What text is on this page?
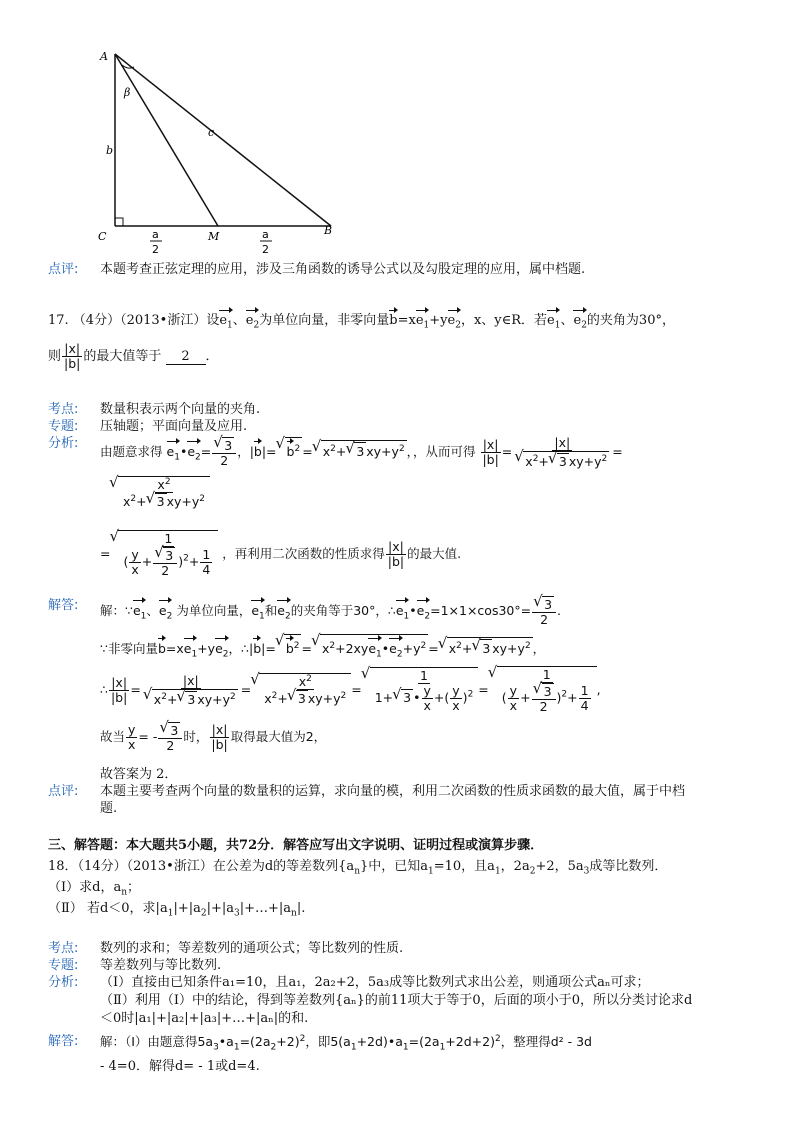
A
β
b
c
C	M	B
a
2
a
2
点评: 本题考查正弦定理的应用，涉及三角函数的诱导公式以及勾股定理的应用，属中档题.
17. （4分）（2013•浙江）设$e_1$、$e_2$为单位向量，非零向量$b=xe_1+ye_2$，x、y∈R．若$e_1$、$e_2$的夹角为30°，
则 $\frac{|x|}{|b|}$ 的最大值等于 2 ．
考点: 数量积表示两个向量的夹角.
专题: 压轴题；平面向量及应用.
分析:
由题意求得 $e_1•e_2=$
√ $\frac{3}{2}$ ，|b|=√ $b^2$ =√ $x^2+√$ 3 $xy+y^2$ ，，从而可得 $\frac{|x|}{|b|} = |x|$
√ $x^2+√$ 3 $xy+y^2$ =
√ $\frac{x^2}{x^2+√ 3 xy+y^2}$
=
√ 1
( $\frac{y}{x}$ +
√ $\frac{3}{2} )^2+ \frac{1}{4}$ ，再利用二次函数的性质求得 $\frac{|x|}{|b|}$ 的最大值.
解答: 解：$\because e_1$、$e_2$ 为单位向量，$e_1$和$e_2$的夹角等于30°，$\therefore e_1•e_2=1\times 1\times\cos 30^\circ=$
√ $\frac{3}{2}$ .
∵非零向量$b=xe_1+ye_2$，∴|b|=√ $b^2$ =√ $x^2+2xye_1•e_2+y^2$ =√ $x^2+√$ 3 $xy+y^2$ ，
∴ $\frac{|x|}{|b|} = |x|$
√ $x^2+√$ 3 $xy+y^2$ =
√ $\frac{x^2}{x^2+√ 3 xy+y^2}$ =
√ $\frac{1}{1+√ 3 • \frac{y}{x} +( \frac{y}{x} )^2}$ =
√ 1
( $\frac{y}{x}$ +
√ $\frac{3}{2} )^2+ \frac{1}{4}$ ,
故当 $\frac{y}{x}$ = -
√ $\frac{3}{2}$ 时， $\frac{|x|}{|b|}$ 取得最大值为2，
故答案为 2．
点评: 本题主要考查两个向量的数量积的运算，求向量的模，利用二次函数的性质求函数的最大值，属于中档
题.
三、解答题：本大题共5小题，共72分．解答应写出文字说明、证明过程或演算步骤．
18．（14分）（2013•浙江）在公差为d的等差数列$\{a_n\}$中，已知$a_1=10$，且$a_1$，$2a_2+2$，$5a_3$成等比数列．
（Ⅰ）求d，$a_n$；
（Ⅱ） 若d＜0，求$|a_1|+|a_2|+|a_3|+\dots+|a_n|$.
考点: 数列的求和；等差数列的通项公式；等比数列的性质.
专题: 等差数列与等比数列.
分析: （Ⅰ）直接由已知条件a₁=10，且a₁，2a₂+2，5a₃成等比数列式求出公差，则通项公式aₙ可求；
（Ⅱ）利用（Ⅰ）中的结论，得到等差数列{aₙ}的前11项大于等于0，后面的项小于0，所以分类讨论求d
＜0时|a₁|+|a₂|+|a₃|+…+|aₙ|的和.
解答: 解：（Ⅰ）由题意得$5a_3•a_1=(2a_2+2)^2$，即$5(a_1+2d)•a_1=(2a_1+2d+2)^2$，整理得d² - 3d
- 4=0．解得d= - 1或d=4.
